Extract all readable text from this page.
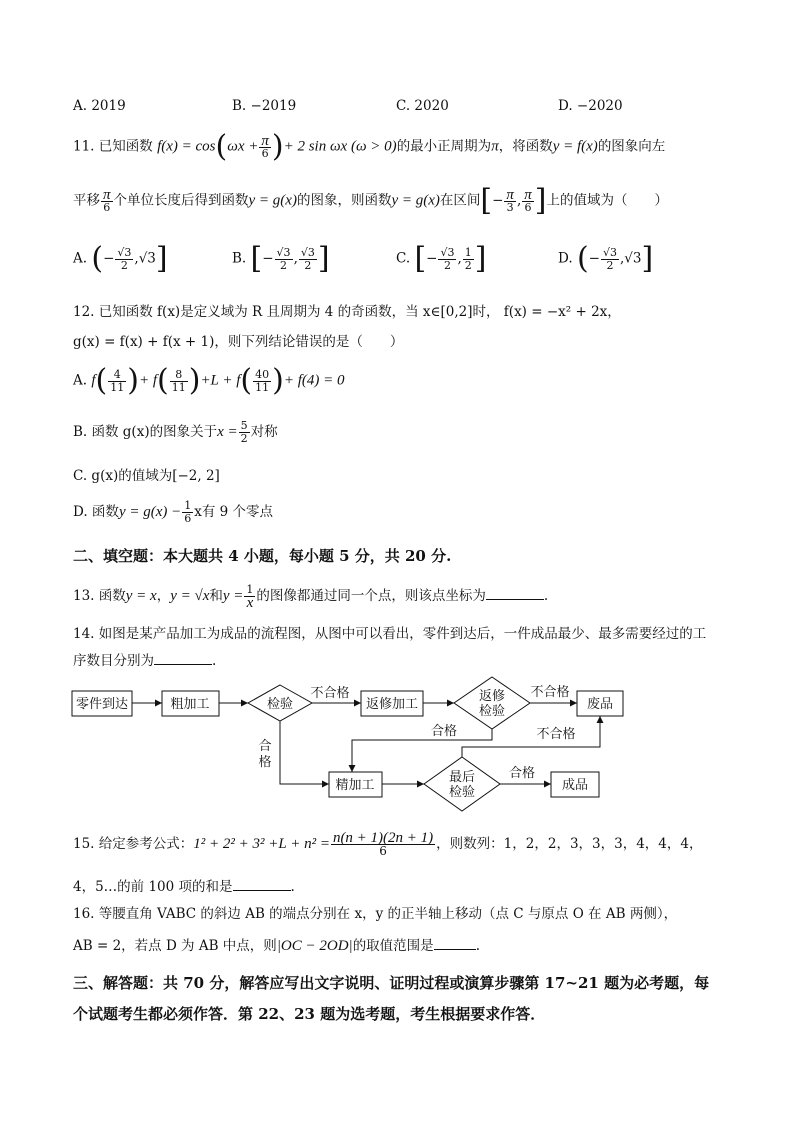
A. 2019	B. −2019	C. 2020	D. −2020
11. 已知函数 $f(x) = \cos(\omega x + \frac{\pi}{6}$ )+ 2 sin ωx (ω > 0)的最小正周期为π，将函数y = f(x)的图象向左
平移 $\frac{\pi}{6}$ 个单位长度后得到函数y = g(x)的图象，则函数y = g(x)在区间[− $\frac{\pi}{3}$ , $\frac{\pi}{6}$ ]上的值域为（　　）
A. (− $\frac{√3}{2} ,√3$]	B. [− $\frac{√3}{2}$ , $\frac{√3}{2}$ ]	C. [− $\frac{√3}{2}$ , $\frac{1}{2}$ ]	D. (− $\frac{√3}{2} ,√3$]
12. 已知函数 f(x)是定义域为 R 且周期为 4 的奇函数，当 x∈[0,2]时， f(x) = −x² + 2x，
g(x) = f(x) + f(x + 1)，则下列结论错误的是（　　）
A. $f( \frac{4}{11}$ )+ $f( \frac{8}{11} )+L + f( \frac{40}{11}$ )+ f(4) = 0
B. 函数 g(x)的图象关于$x = \frac{5}{2}$ 对称
C. g(x)的值域为[−2, 2]
D. 函数$y = g(x) - \frac{1}{6}$ x有 9 个零点
二、填空题：本大题共 4 小题，每小题 5 分，共 20 分.
13. 函数y = x，y = √x和$y = \frac{1}{x}$ 的图像都通过同一个点，则该点坐标为	.
14. 如图是某产品加工为成品的流程图，从图中可以看出，零件到达后，一件成品最少、最多需要经过的工
序数目分别为	.
零件到达	粗加工	检验
不合格
返修加工
返修
检验
不合格
废品
合格	不合格
合
格
精加工
最后
检验
合格
成品
15. 给定参考公式：$1^2 + 2^2 + 3^2 +L + n^2 = \frac{n(n + 1)(2n + 1)}{6}$ ，则数列：1，2，2，3，3，3，4，4，4，
4，5…的前 100 项的和是	.
16. 等腰直角 VABC 的斜边 AB 的端点分别在 x，y 的正半轴上移动（点 C 与原点 O 在 AB 两侧），
AB = 2，若点 D 为 AB 中点，则|OC − 2OD|的取值范围是	.
三、解答题：共 70 分，解答应写出文字说明、证明过程或演算步骤第 17~21 题为必考题，每
个试题考生都必须作答．第 22、23 题为选考题，考生根据要求作答．
